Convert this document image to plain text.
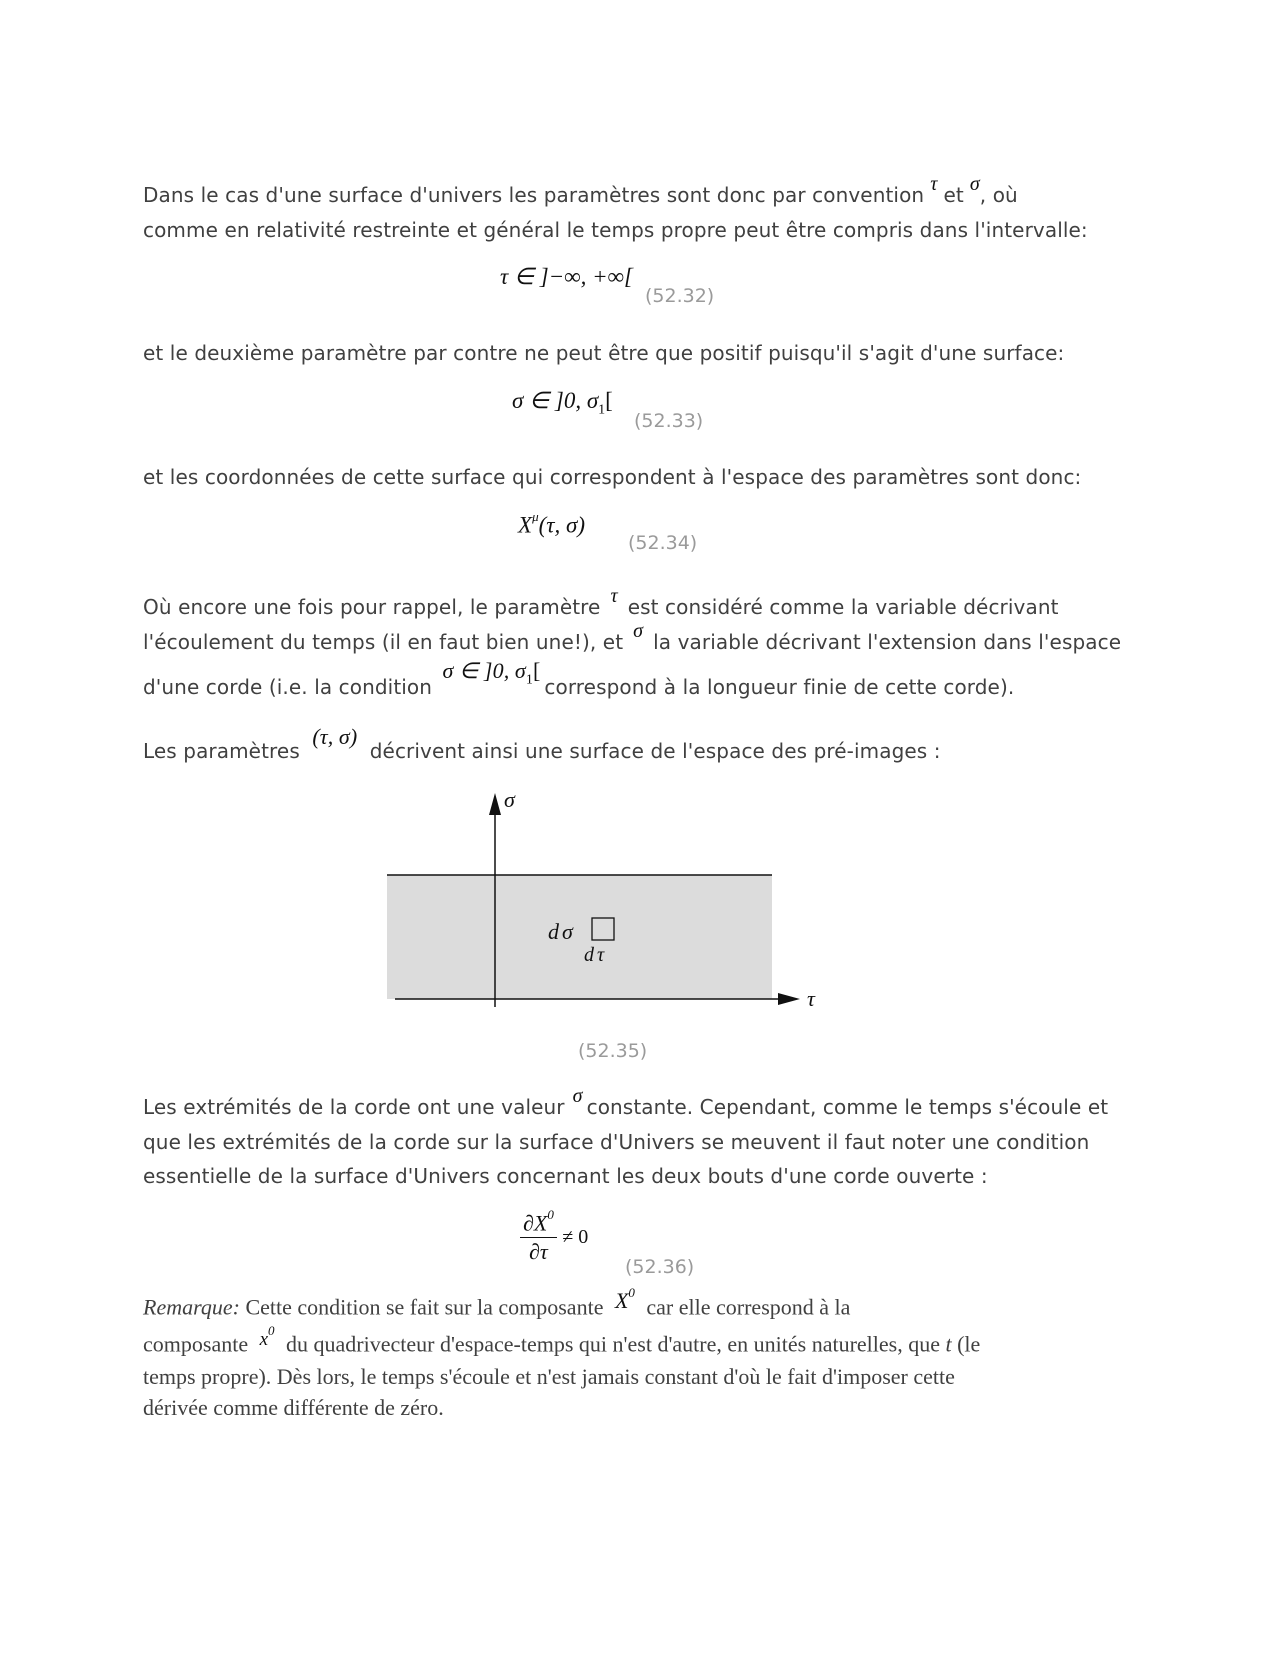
Dans le cas d'une surface d'univers les paramètres sont donc par convention τ et σ, où
comme en relativité restreinte et général le temps propre peut être compris dans l'intervalle:
τ ∈ ]−∞, +∞[
(52.32)
et le deuxième paramètre par contre ne peut être que positif puisqu'il s'agit d'une surface:
σ ∈ ]0, $\sigma_1$[
(52.33)
et les coordonnées de cette surface qui correspondent à l'espace des paramètres sont donc:
$X^\mu(\tau$, σ)
(52.34)
Où encore une fois pour rappel, le paramètre τ est considéré comme la variable décrivant
l'écoulement du temps (il en faut bien une!), et σ la variable décrivant l'extension dans l'espace
d'une corde (i.e. la condition σ ∈ ]0, $\sigma_1[correspond$ à la longueur finie de cette corde).
Les paramètres (τ, σ) décrivent ainsi une surface de l'espace des pré-images :
σ
τ
dσ
dτ
(52.35)
Les extrémités de la corde ont une valeur σ constante. Cependant, comme le temps s'écoule et
que les extrémités de la corde sur la surface d'Univers se meuvent il faut noter une condition
essentielle de la surface d'Univers concernant les deux bouts d'une corde ouverte :
$\frac{\partial X^0}{\partial\tau} \ne 0$
(52.36)
Remarque: Cette condition se fait sur la composante $X^0$ car elle correspond à la
composante $x^0$ du quadrivecteur d'espace-temps qui n'est d'autre, en unités naturelles, que t (le
temps propre). Dès lors, le temps s'écoule et n'est jamais constant d'où le fait d'imposer cette
dérivée comme différente de zéro.
